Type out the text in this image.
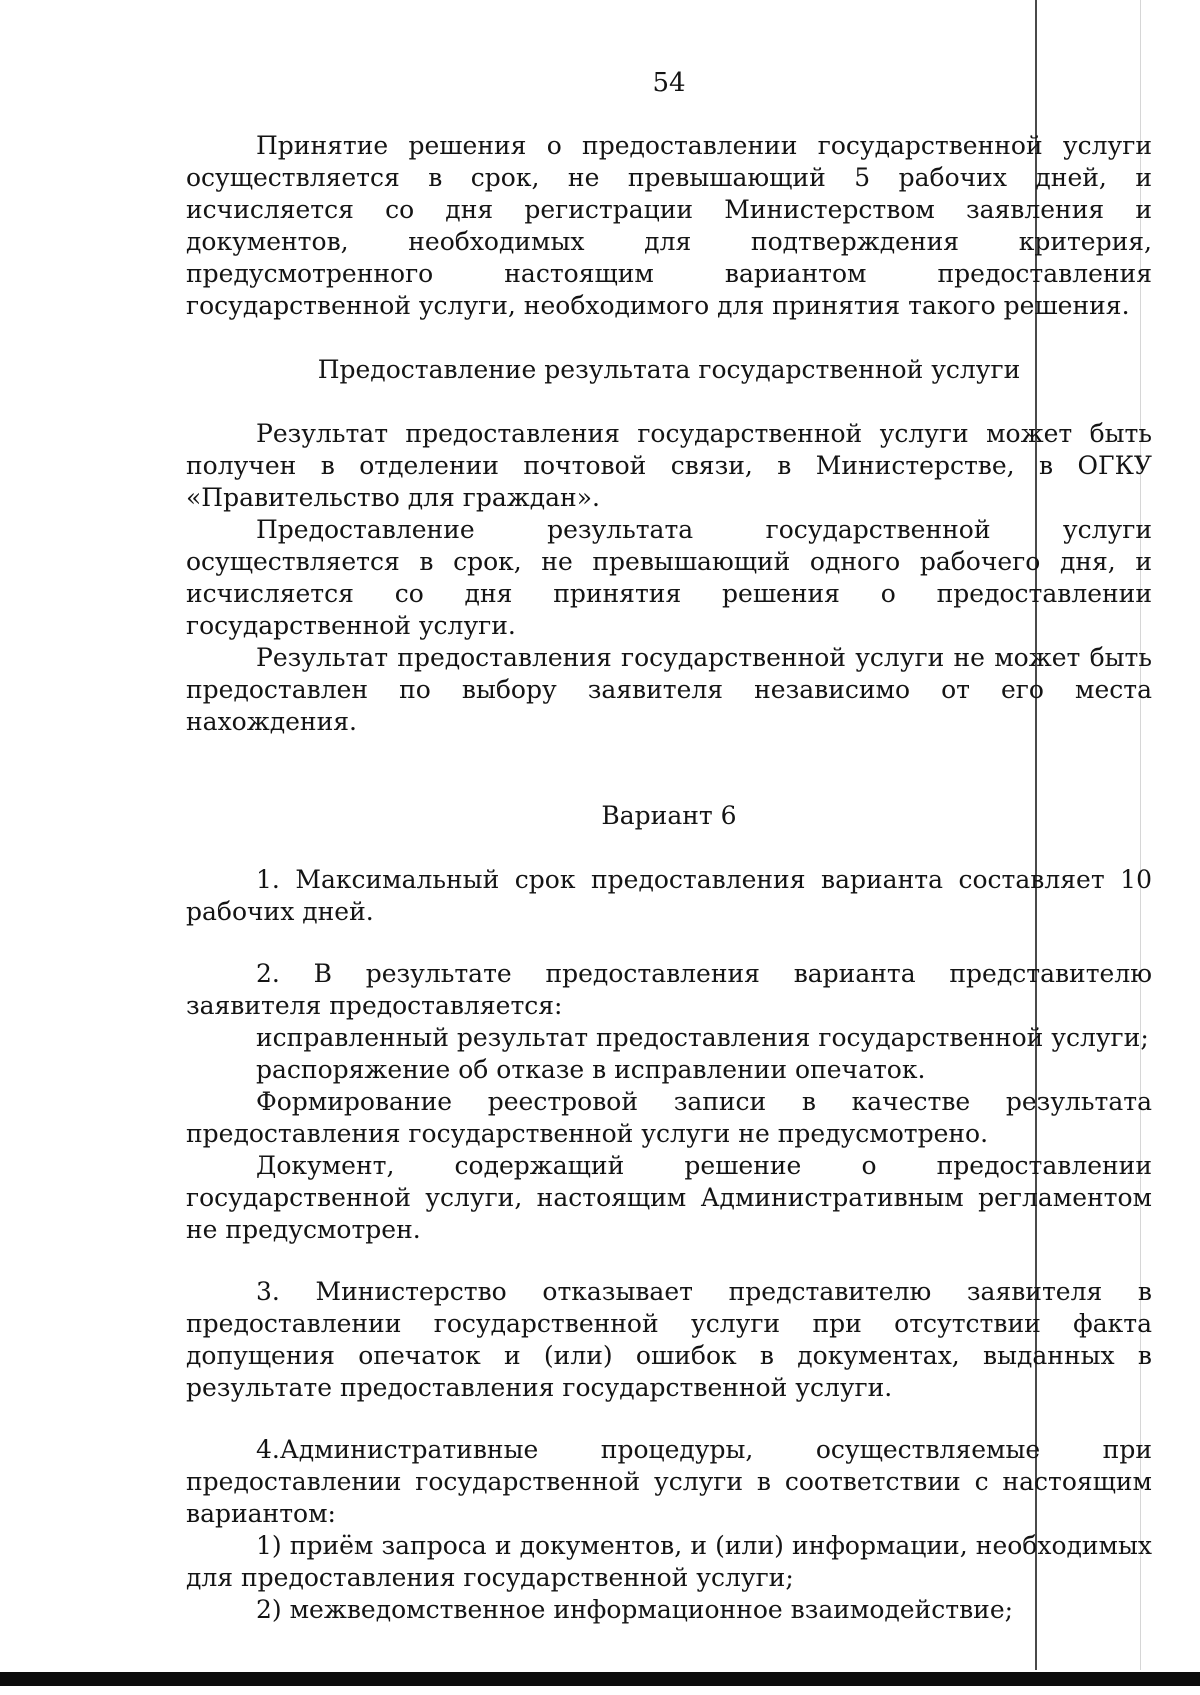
54

Принятие решения о предоставлении государственной услуги осуществляется в срок, не превышающий 5 рабочих дней, и исчисляется со дня регистрации Министерством заявления и документов, необходимых для подтверждения критерия, предусмотренного настоящим вариантом предоставления государственной услуги, необходимого для принятия такого решения.

Предоставление результата государственной услуги

Результат предоставления государственной услуги может быть получен в отделении почтовой связи, в Министерстве, в ОГКУ «Правительство для граждан».

Предоставление результата государственной услуги осуществляется в срок, не превышающий одного рабочего дня, и исчисляется со дня принятия решения о предоставлении государственной услуги.

Результат предоставления государственной услуги не может быть предоставлен по выбору заявителя независимо от его места нахождения.

Вариант 6

1. Максимальный срок предоставления варианта составляет 10 рабочих дней.

2. В результате предоставления варианта представителю заявителя предоставляется:

исправленный результат предоставления государственной услуги;

распоряжение об отказе в исправлении опечаток.

Формирование реестровой записи в качестве результата предоставления государственной услуги не предусмотрено.

Документ, содержащий решение о предоставлении государственной услуги, настоящим Административным регламентом не предусмотрен.

3. Министерство отказывает представителю заявителя в предоставлении государственной услуги при отсутствии факта допущения опечаток и (или) ошибок в документах, выданных в результате предоставления государственной услуги.

4.Административные процедуры, осуществляемые при предоставлении государственной услуги в соответствии с настоящим вариантом:

1) приём запроса и документов, и (или) информации, необходимых для предоставления государственной услуги;

2) межведомственное информационное взаимодействие;
